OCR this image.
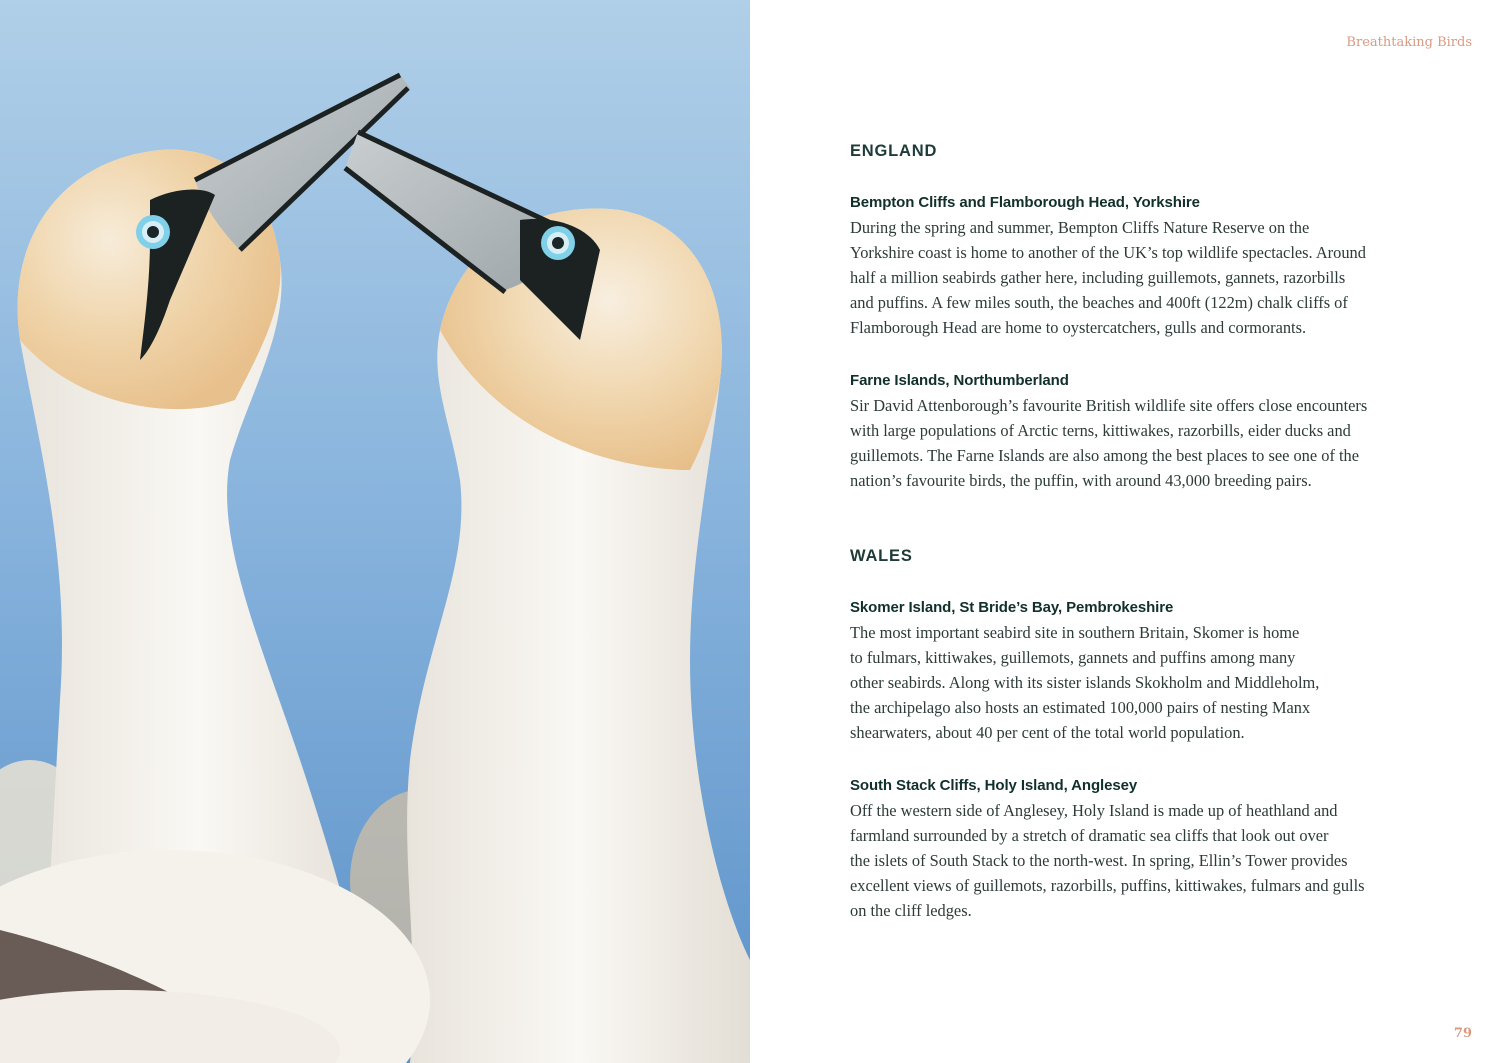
Breathtaking Birds
ENGLAND
Bempton Cliffs and Flamborough Head, Yorkshire

During the spring and summer, Bempton Cliffs Nature Reserve on the
Yorkshire coast is home to another of the UK’s top wildlife spectacles. Around
half a million seabirds gather here, including guillemots, gannets, razorbills
and puffins. A few miles south, the beaches and 400ft (122m) chalk cliffs of
Flamborough Head are home to oystercatchers, gulls and cormorants.

Farne Islands, Northumberland

Sir David Attenborough’s favourite British wildlife site offers close encounters
with large populations of Arctic terns, kittiwakes, razorbills, eider ducks and
guillemots. The Farne Islands are also among the best places to see one of the
nation’s favourite birds, the puffin, with around 43,000 breeding pairs.

WALES
Skomer Island, St Bride’s Bay, Pembrokeshire

The most important seabird site in southern Britain, Skomer is home
to fulmars, kittiwakes, guillemots, gannets and puffins among many
other seabirds. Along with its sister islands Skokholm and Middleholm,
the archipelago also hosts an estimated 100,000 pairs of nesting Manx
shearwaters, about 40 per cent of the total world population.

South Stack Cliffs, Holy Island, Anglesey

Off the western side of Anglesey, Holy Island is made up of heathland and
farmland surrounded by a stretch of dramatic sea cliffs that look out over
the islets of South Stack to the north-west. In spring, Ellin’s Tower provides
excellent views of guillemots, razorbills, puffins, kittiwakes, fulmars and gulls
on the cliff ledges.

79
